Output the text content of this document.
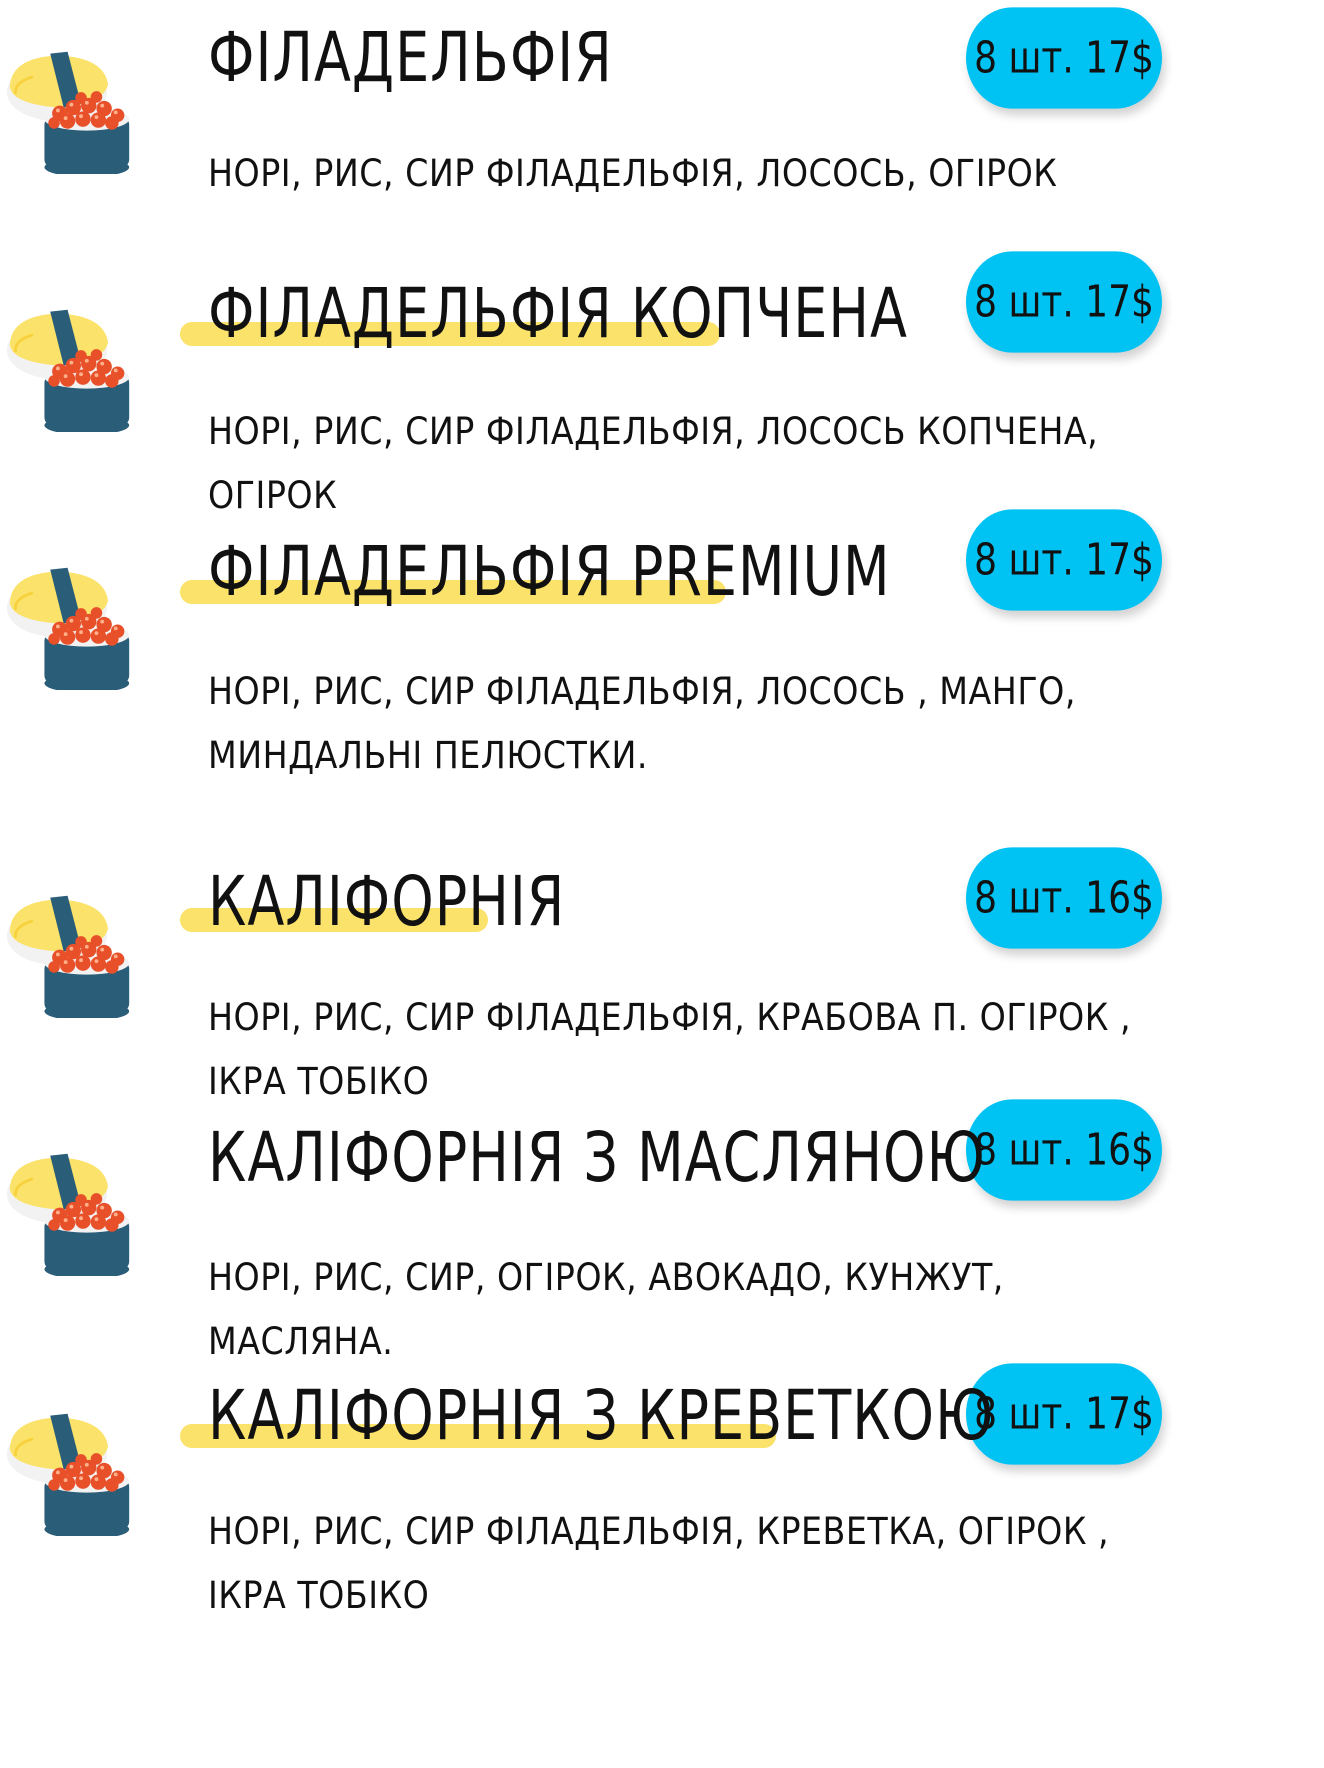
ФІЛАДЕЛЬФІЯ	8 шт. 17$
НОРІ, РИС, СИР ФІЛАДЕЛЬФІЯ, ЛОСОСЬ, ОГІРОК
ФІЛАДЕЛЬФІЯ КОПЧЕНА 8 шт. 17$
НОРІ, РИС, СИР ФІЛАДЕЛЬФІЯ, ЛОСОСЬ КОПЧЕНА, ОГІРОК
ФІЛАДЕЛЬФІЯ PREMIUM 8 шт. 17$
НОРІ, РИС, СИР ФІЛАДЕЛЬФІЯ, ЛОСОСЬ , МАНГО, МИНДАЛЬНІ ПЕЛЮСТКИ.
КАЛІФОРНІЯ	8 шт. 16$
НОРІ, РИС, СИР ФІЛАДЕЛЬФІЯ, КРАБОВА П. ОГІРОК , ІКРА ТОБІКО
КАЛІФОРНІЯ З МАСЛЯНОЮ
8 шт. 16$
НОРІ, РИС, СИР, ОГІРОК, АВОКАДО, КУНЖУТ, МАСЛЯНА.
КАЛІФОРНІЯ З КРЕВЕТКОЮ
8 шт. 17$
НОРІ, РИС, СИР ФІЛАДЕЛЬФІЯ, КРЕВЕТКА, ОГІРОК , ІКРА ТОБІКО
